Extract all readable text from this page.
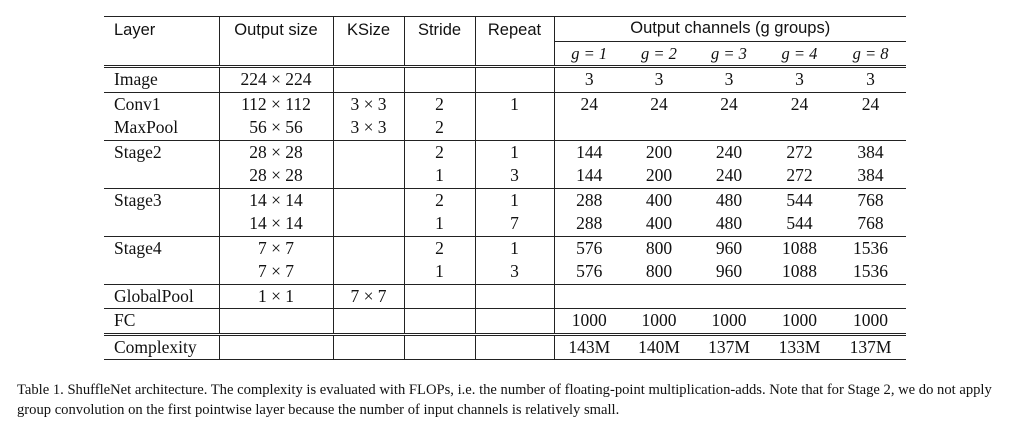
Layer	Output size	KSize	Stride	Repeat	Output channels (g groups)				
					g = 1	g = 2	g = 3	g = 4	g = 8
Image	224 × 224				3	3	3	3	3
Conv1	112 × 112	3 × 3	2	1	24	24	24	24	24
MaxPool	56 × 56	3 × 3	2						
Stage2	28 × 28		2	1	144	200	240	272	384
	28 × 28		1	3	144	200	240	272	384
Stage3	14 × 14		2	1	288	400	480	544	768
	14 × 14		1	7	288	400	480	544	768
Stage4	7 × 7		2	1	576	800	960	1088	1536
	7 × 7		1	3	576	800	960	1088	1536
GlobalPool	1 × 1	7 × 7							
FC					1000	1000	1000	1000	1000
Complexity					143M	140M	137M	133M	137M
Table 1. ShuffleNet architecture. The complexity is evaluated with FLOPs, i.e. the number of floating-point multiplication-adds. Note that for Stage 2, we do not apply group convolution on the first pointwise layer because the number of input channels is relatively small.
